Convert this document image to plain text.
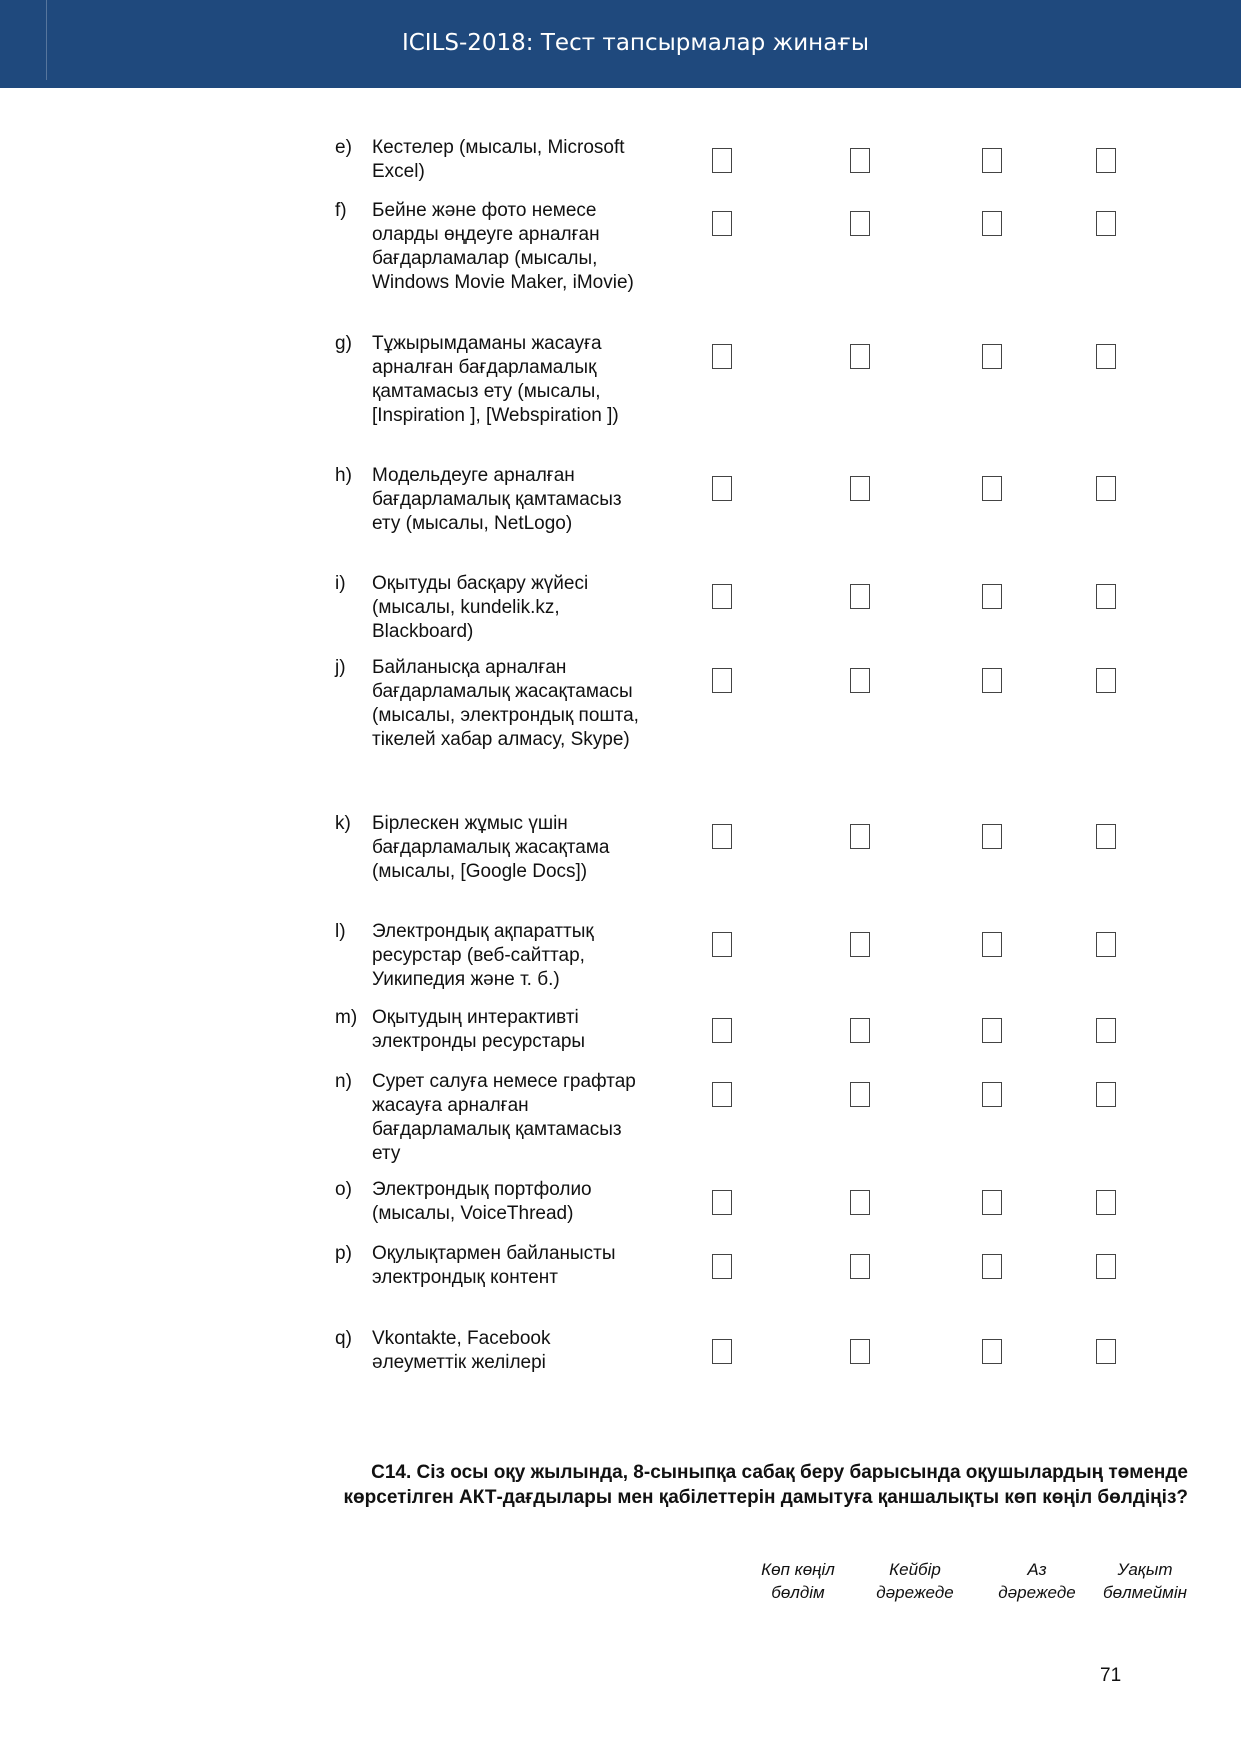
ICILS-2018: Тест тапсырмалар жинағы
e) Кестелер (мысалы, Microsoft Excel)
f) Бейне және фото немесе оларды өңдеуге арналған бағдарламалар (мысалы, Windows Movie Maker, iMovie)
g) Тұжырымдаманы жасауға арналған бағдарламалық қамтамасыз ету (мысалы, [Inspiration ], [Webspiration ])
h) Модельдеуге арналған бағдарламалық қамтамасыз ету (мысалы, NetLogo)
i) Оқытуды басқару жүйесі (мысалы, kundelik.kz, Blackboard)
j) Байланысқа арналған бағдарламалық жасақтамасы (мысалы, электрондық пошта, тікелей хабар алмасу, Skype)
k) Бірлескен жұмыс үшін бағдарламалық жасақтама (мысалы, [Google Docs])
l) Электрондық ақпараттық ресурстар (веб-сайттар, Уикипедия және т. б.)
m) Оқытудың интерактивті электронды ресурстары
n) Сурет салуға немесе графтар жасауға арналған бағдарламалық қамтамасыз ету
o) Электрондық портфолио (мысалы, VoiceThread)
p) Оқулықтармен байланысты электрондық контент
q) Vkontakte, Facebook әлеуметтік желілері
C14. Сіз осы оқу жылында, 8-сыныпқа сабақ беру барысында оқушылардың төменде
көрсетілген АКТ-дағдылары мен қабілеттерін дамытуға қаншалықты көп көңіл бөлдіңіз?
Көп көңіл
бөлдім
Кейбір
дәрежеде
Аз
дәрежеде
Уақыт
бөлмеймін
71
